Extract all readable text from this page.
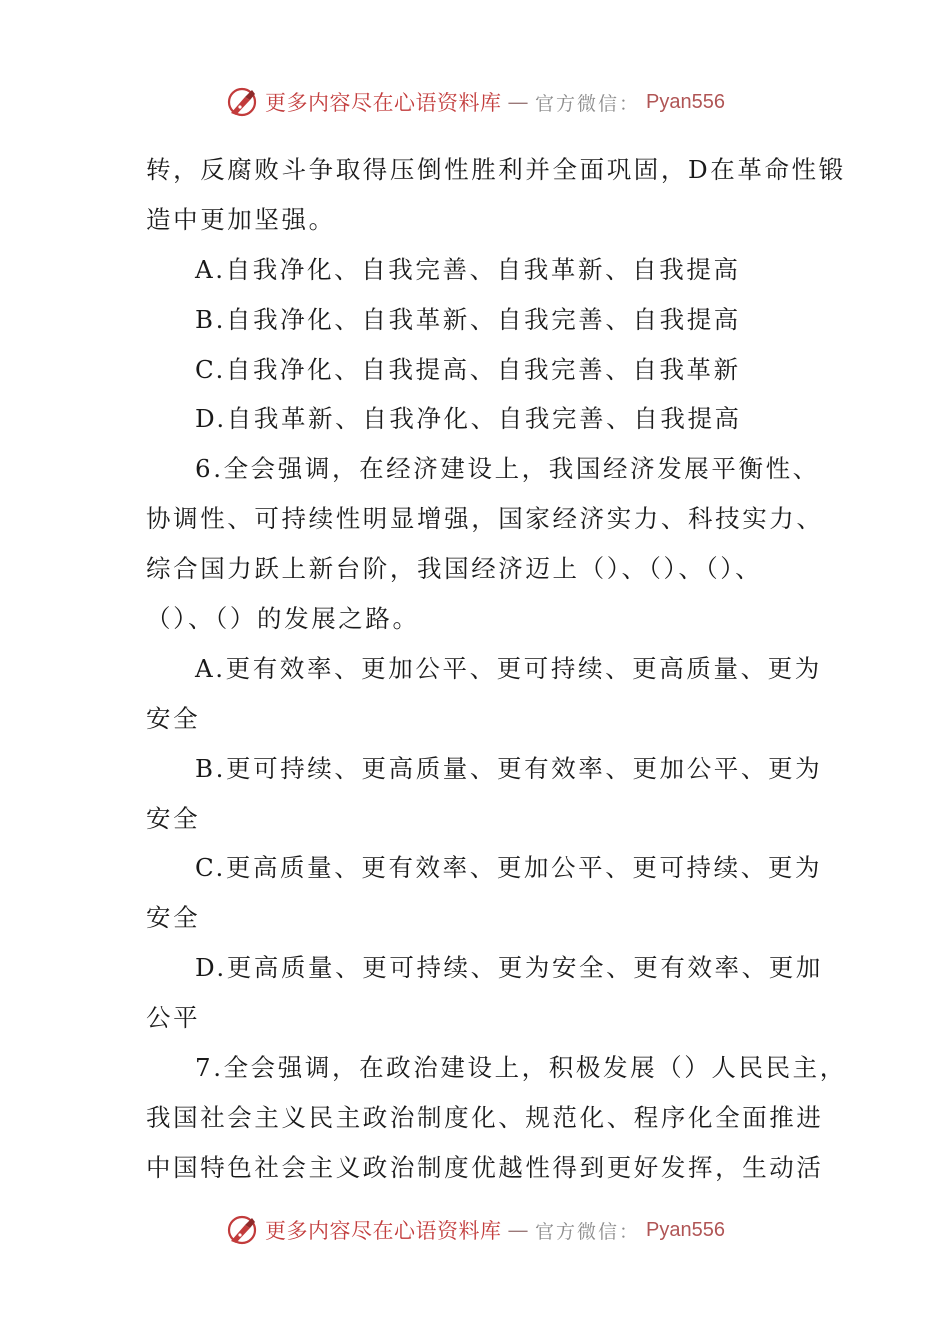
更多内容尽在心语资料库 — 官方微信： Pyan556
转，反腐败斗争取得压倒性胜利并全面巩固，D在革命性锻
造中更加坚强。
A.自我净化、自我完善、自我革新、自我提高
B.自我净化、自我革新、自我完善、自我提高
C.自我净化、自我提高、自我完善、自我革新
D.自我革新、自我净化、自我完善、自我提高
6.全会强调，在经济建设上，我国经济发展平衡性、
协调性、可持续性明显增强，国家经济实力、科技实力、
综合国力跃上新台阶，我国经济迈上（）、（）、（）、
（）、（）的发展之路。
A.更有效率、更加公平、更可持续、更高质量、更为
安全
B.更可持续、更高质量、更有效率、更加公平、更为
安全
C.更高质量、更有效率、更加公平、更可持续、更为
安全
D.更高质量、更可持续、更为安全、更有效率、更加
公平
7.全会强调，在政治建设上，积极发展（）人民民主，
我国社会主义民主政治制度化、规范化、程序化全面推进
中国特色社会主义政治制度优越性得到更好发挥，生动活
更多内容尽在心语资料库 — 官方微信： Pyan556
